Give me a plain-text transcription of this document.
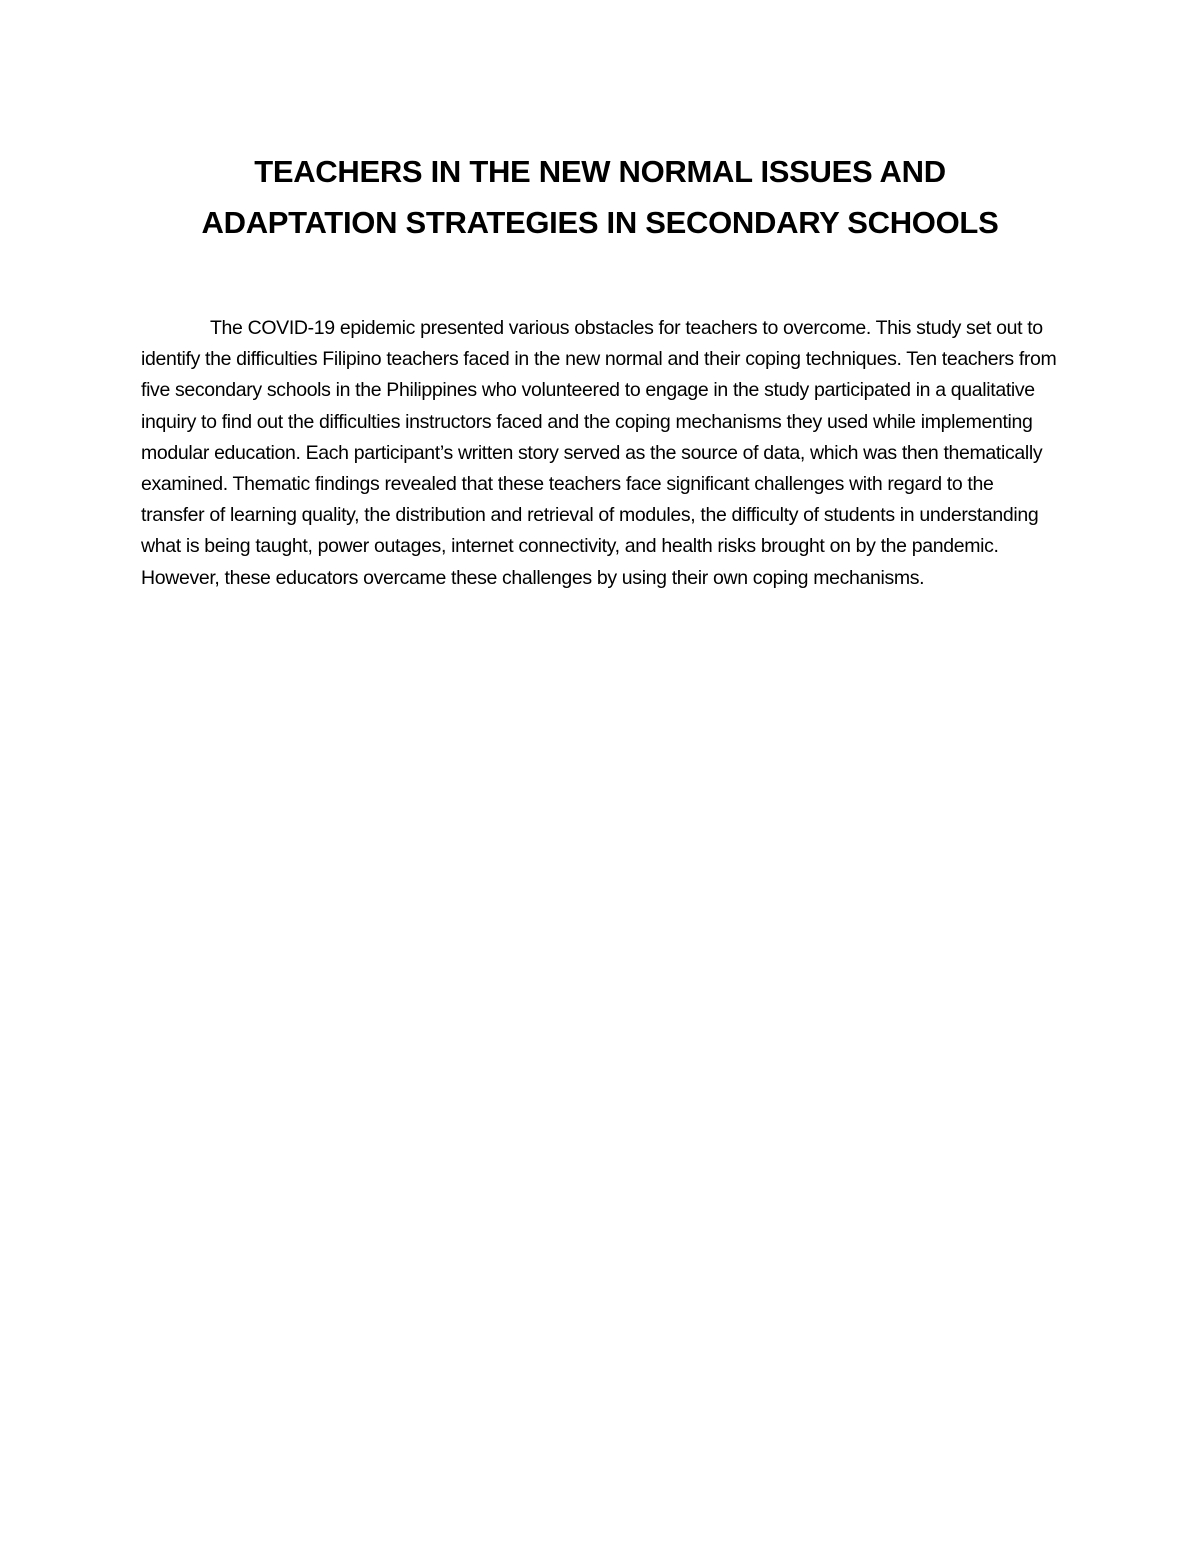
TEACHERS IN THE NEW NORMAL ISSUES AND
ADAPTATION STRATEGIES IN SECONDARY SCHOOLS

The COVID-19 epidemic presented various obstacles for teachers to overcome. This study set out to identify the difficulties Filipino teachers faced in the new normal and their coping techniques. Ten teachers from five secondary schools in the Philippines who volunteered to engage in the study participated in a qualitative inquiry to find out the difficulties instructors faced and the coping mechanisms they used while implementing modular education. Each participant’s written story served as the source of data, which was then thematically examined. Thematic findings revealed that these teachers face significant challenges with regard to the transfer of learning quality, the distribution and retrieval of modules, the difficulty of students in understanding what is being taught, power outages, internet connectivity, and health risks brought on by the pandemic. However, these educators overcame these challenges by using their own coping mechanisms.
